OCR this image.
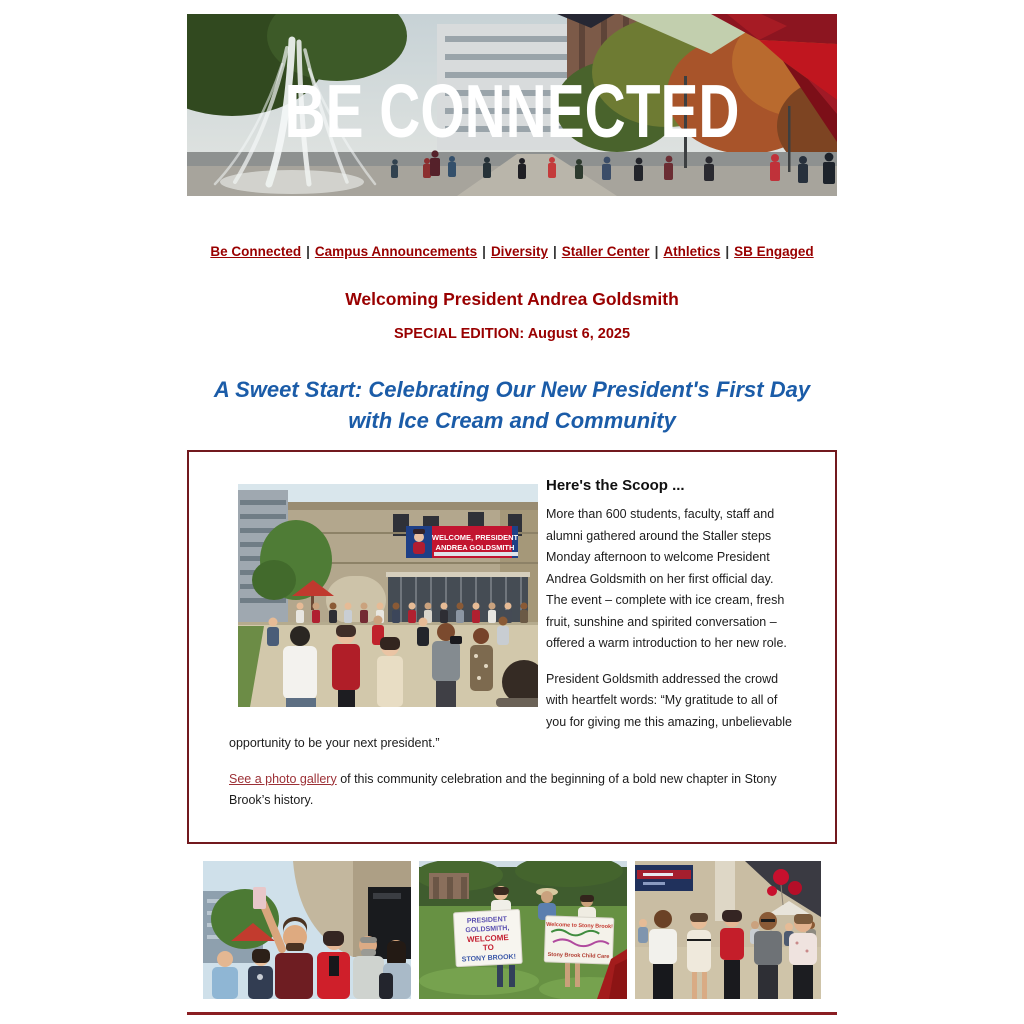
BE CONNECTED
Be Connected | Campus Announcements | Diversity | Staller Center | Athletics | SB Engaged
Welcoming President Andrea Goldsmith
SPECIAL EDITION: August 6, 2025
A Sweet Start: Celebrating Our New President's First Day
with Ice Cream and Community
WELCOME, PRESIDENT
ANDREA GOLDSMITH
Here's the Scoop ...

More than 600 students, faculty, staff and alumni gathered around the Staller steps Monday afternoon to welcome President Andrea Goldsmith on her first official day. The event – complete with ice cream, fresh fruit, sunshine and spirited conversation – offered a warm introduction to her new role.

President Goldsmith addressed the crowd with heartfelt words: “My gratitude to all of you for giving me this amazing, unbelievable opportunity to be your next president.”

See a photo gallery of this community celebration and the beginning of a bold new chapter in Stony Brook’s history.

PRESIDENT
GOLDSMITH,
WELCOME
TO
STONY BROOK!
Welcome to Stony Brook!
Stony Brook Child Care
